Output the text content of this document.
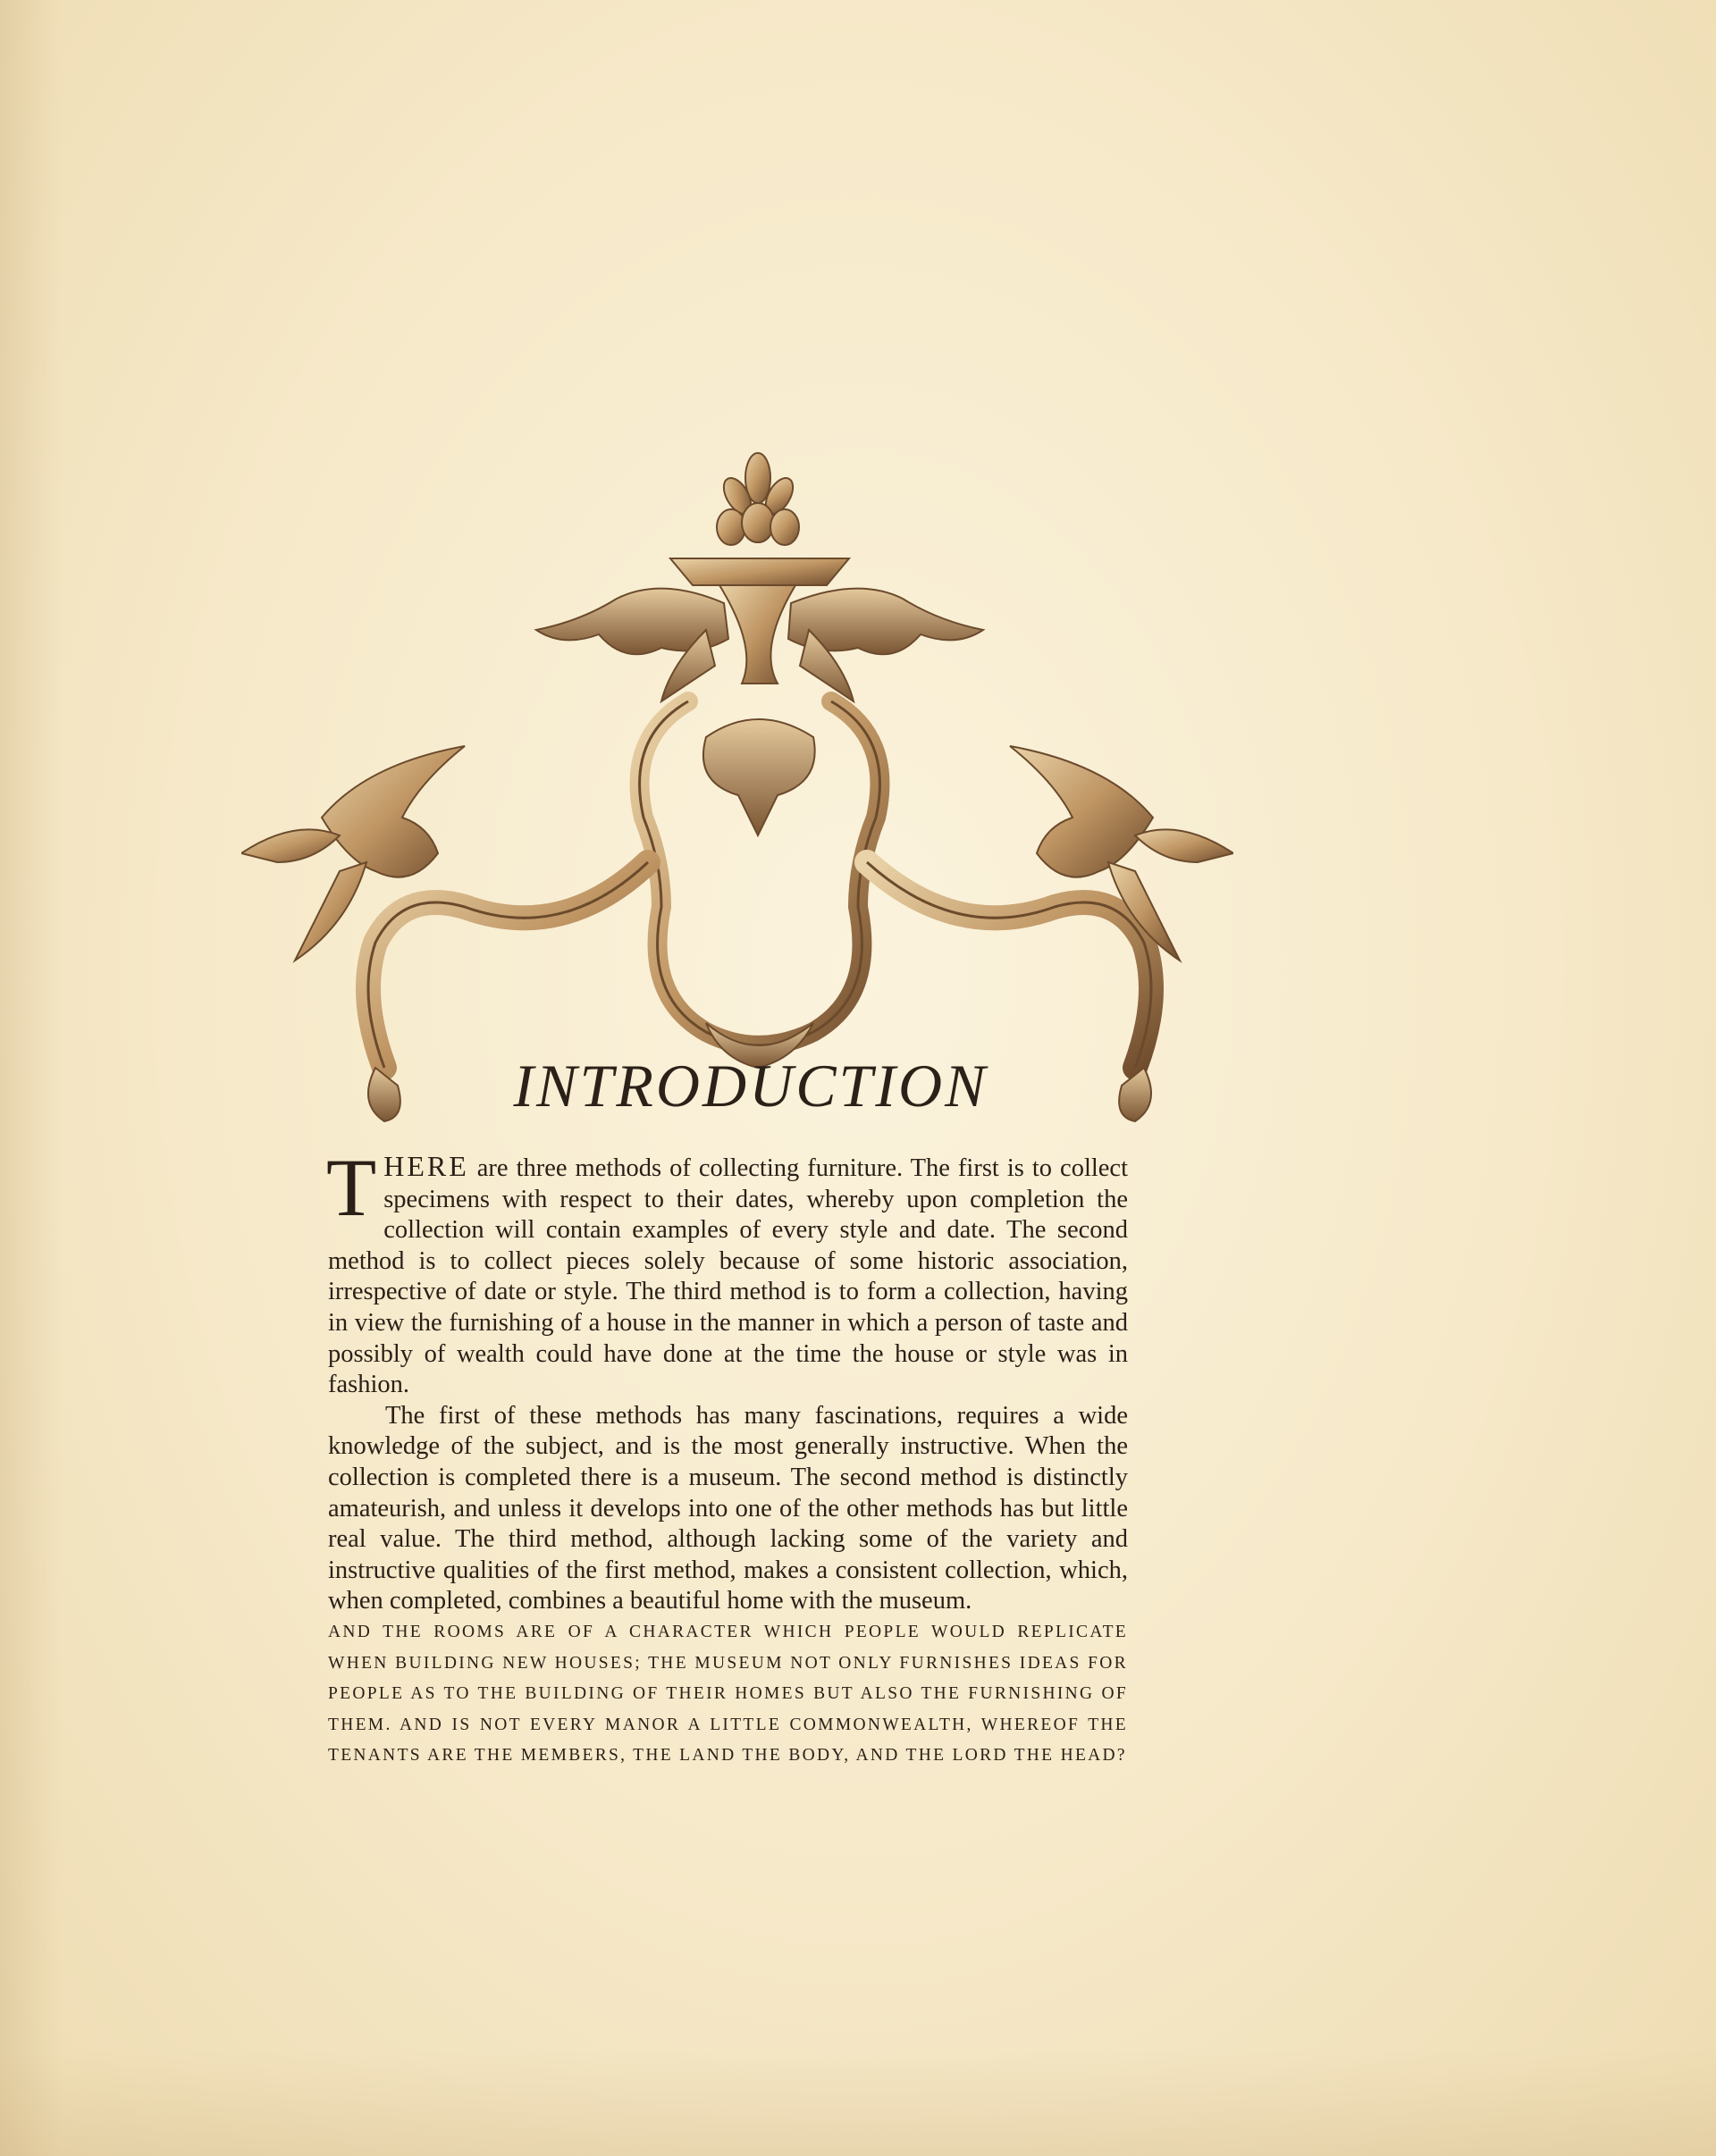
INTRODUCTION

THERE are three methods of collecting furniture. The first is to collect specimens with respect to their dates, whereby upon completion the collection will contain examples of every style and date. The second method is to collect pieces solely because of some historic association, irrespective of date or style. The third method is to form a collection, having in view the furnishing of a house in the manner in which a person of taste and possibly of wealth could have done at the time the house or style was in fashion.

The first of these methods has many fascinations, requires a wide knowledge of the subject, and is the most generally instructive. When the collection is completed there is a museum. The second method is distinctly amateurish, and unless it develops into one of the other methods has but little real value. The third method, although lacking some of the variety and instructive qualities of the first method, makes a consistent collection, which, when completed, combines a beautiful home with the museum.

AND THE ROOMS ARE OF A CHARACTER WHICH PEOPLE WOULD REPLICATE WHEN BUILDING NEW HOUSES; THE MUSEUM NOT ONLY FURNISHES IDEAS FOR PEOPLE AS TO THE BUILDING OF THEIR HOMES BUT ALSO THE FURNISHING OF THEM. AND IS NOT EVERY MANOR A LITTLE COMMONWEALTH, WHEREOF THE TENANTS ARE THE MEMBERS, THE LAND THE BODY, AND THE LORD THE HEAD?
